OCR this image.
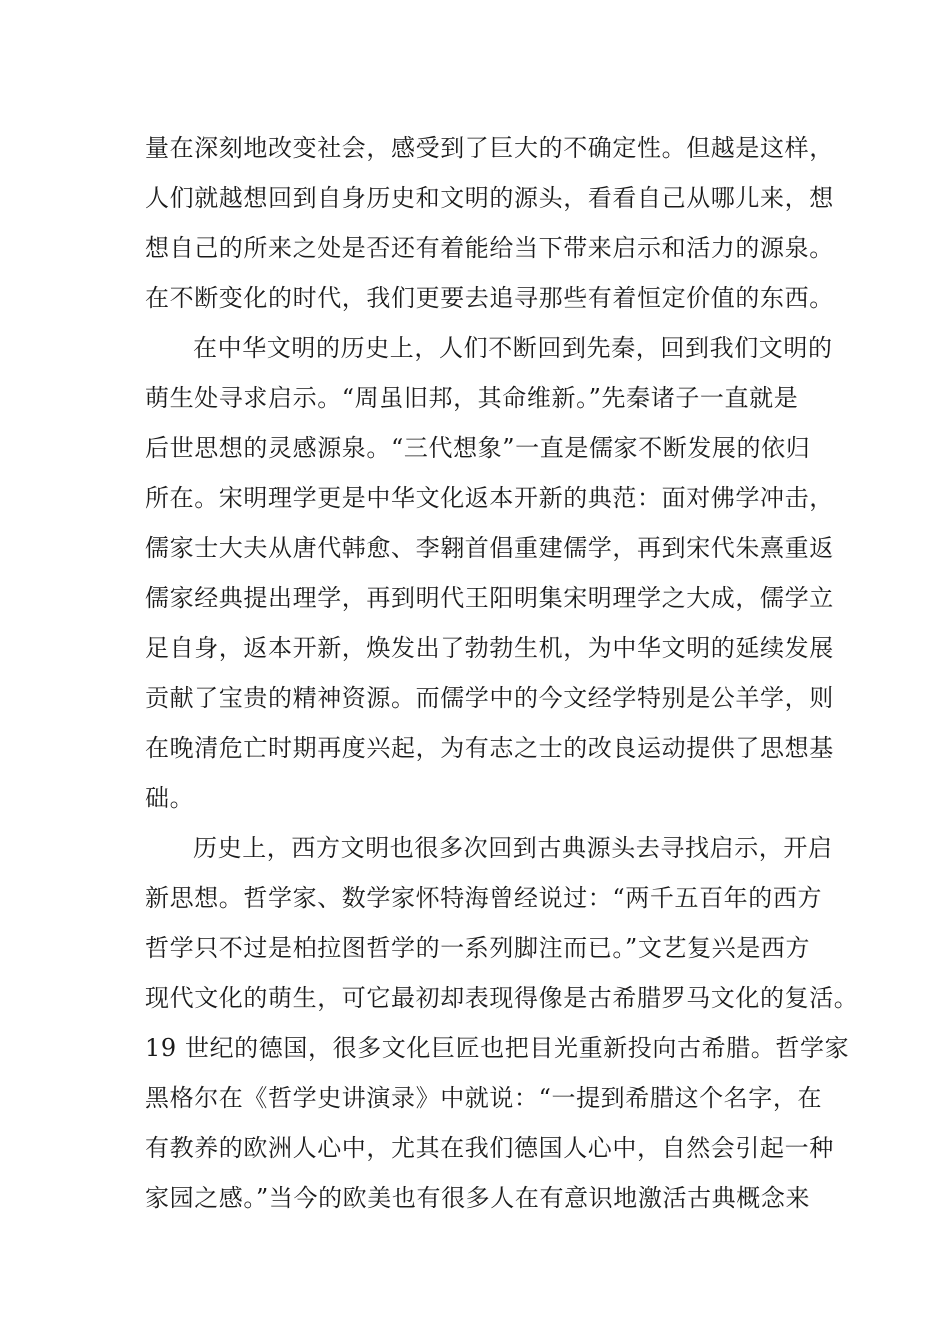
量在深刻地改变社会，感受到了巨大的不确定性。但越是这样，
人们就越想回到自身历史和文明的源头，看看自己从哪儿来，想
想自己的所来之处是否还有着能给当下带来启示和活力的源泉。
在不断变化的时代，我们更要去追寻那些有着恒定价值的东西。
在中华文明的历史上，人们不断回到先秦，回到我们文明的
萌生处寻求启示。“周虽旧邦，其命维新。”先秦诸子一直就是
后世思想的灵感源泉。“三代想象”一直是儒家不断发展的依归
所在。宋明理学更是中华文化返本开新的典范：面对佛学冲击，
儒家士大夫从唐代韩愈、李翱首倡重建儒学，再到宋代朱熹重返
儒家经典提出理学，再到明代王阳明集宋明理学之大成，儒学立
足自身，返本开新，焕发出了勃勃生机，为中华文明的延续发展
贡献了宝贵的精神资源。而儒学中的今文经学特别是公羊学，则
在晚清危亡时期再度兴起，为有志之士的改良运动提供了思想基
础。
历史上，西方文明也很多次回到古典源头去寻找启示，开启
新思想。哲学家、数学家怀特海曾经说过：“两千五百年的西方
哲学只不过是柏拉图哲学的一系列脚注而已。”文艺复兴是西方
现代文化的萌生，可它最初却表现得像是古希腊罗马文化的复活。
19 世纪的德国，很多文化巨匠也把目光重新投向古希腊。哲学家
黑格尔在《哲学史讲演录》中就说：“一提到希腊这个名字，在
有教养的欧洲人心中，尤其在我们德国人心中，自然会引起一种
家园之感。”当今的欧美也有很多人在有意识地激活古典概念来
